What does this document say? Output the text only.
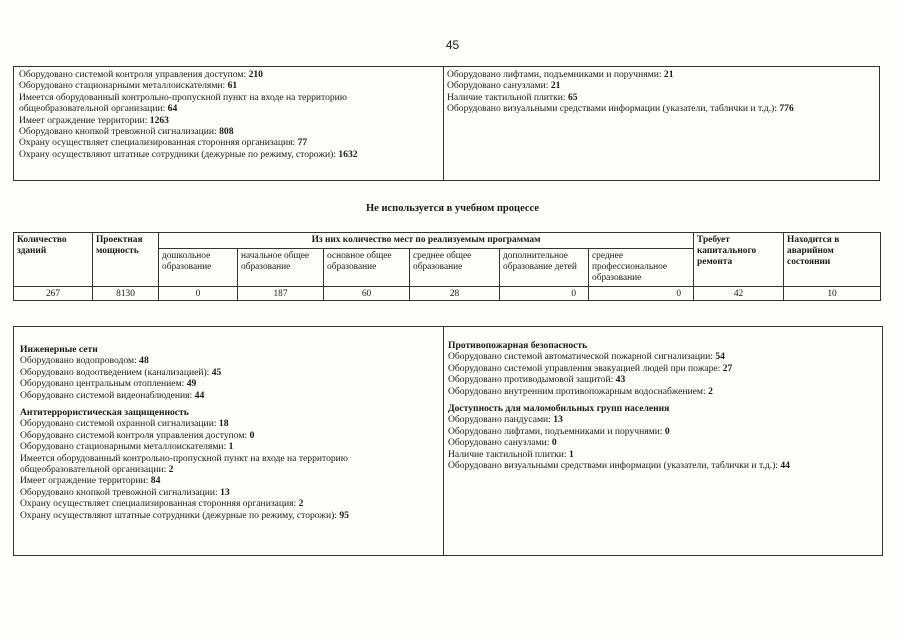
45
Оборудовано системой контроля управления доступом: 210
Оборудовано стационарными металлоискателями: 61
Имеется оборудованный контрольно-пропускной пункт на входе на территорию
общеобразовательной организации: 64
Имеет ограждение территории: 1263
Оборудовано кнопкой тревожной сигнализации: 808
Охрану осуществляет специализированная сторонняя организация: 77
Охрану осуществляют штатные сотрудники (дежурные по режиму, сторожи): 1632
Оборудовано лифтами, подъемниками и поручнями: 21
Оборудовано санузлами: 21
Наличие тактильной плитки: 65
Оборудовано визуальными средствами информации (указатели, таблички и т.д.): 776
Не используется в учебном процессе
Количество зданий	Проектная мощность	Из них количество мест по реализуемым программам						Требует капитального ремонта	Находится в аварийном состоянии
		дошкольное образование	начальное общее образование	основное общее образование	среднее общее образование	дополнительное образование детей	среднее профессиональное образование		
267	8130	0	187	60	28	0	0	42	10
Инженерные сети
Оборудовано водопроводом: 48
Оборудовано водоотведением (канализацией): 45
Оборудовано центральным отоплением: 49
Оборудовано системой видеонаблюдения: 44
Антитеррористическая защищенность
Оборудовано системой охранной сигнализации: 18
Оборудовано системой контроля управления доступом: 0
Оборудовано стационарными металлоискателями: 1
Имеется оборудованный контрольно-пропускной пункт на входе на территорию
общеобразовательной организации: 2
Имеет ограждение территории: 84
Оборудовано кнопкой тревожной сигнализации: 13
Охрану осуществляет специализированная сторонняя организация: 2
Охрану осуществляют штатные сотрудники (дежурные по режиму, сторожи): 95
Противопожарная безопасность
Оборудовано системой автоматической пожарной сигнализации: 54
Оборудовано системой управления эвакуацией людей при пожаре: 27
Оборудовано противодымовой защитой: 43
Оборудовано внутренним противопожарным водоснабжением: 2
Доступность для маломобильных групп населения
Оборудовано пандусами: 13
Оборудовано лифтами, подъемниками и поручнями: 0
Оборудовано санузлами: 0
Наличие тактильной плитки: 1
Оборудовано визуальными средствами информации (указатели, таблички и т.д.): 44
